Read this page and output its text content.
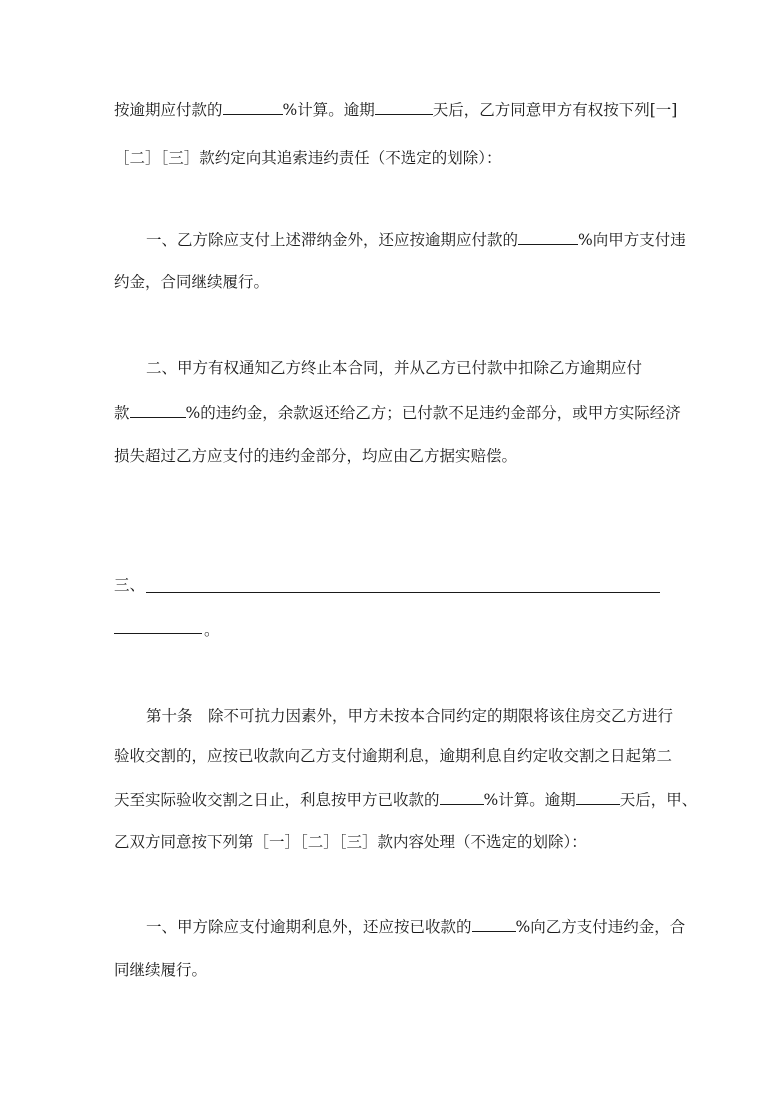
按逾期应付款的	%计算。逾期	天后，乙方同意甲方有权按下列[一]
［二］［三］款约定向其追索违约责任（不选定的划除）：
一、乙方除应支付上述滞纳金外，还应按逾期应付款的	%向甲方支付违
约金，合同继续履行。
二、甲方有权通知乙方终止本合同，并从乙方已付款中扣除乙方逾期应付
款	%的违约金，余款返还给乙方；已付款不足违约金部分，或甲方实际经济
损失超过乙方应支付的违约金部分，均应由乙方据实赔偿。
三、
。
第十条　除不可抗力因素外，甲方未按本合同约定的期限将该住房交乙方进行
验收交割的，应按已收款向乙方支付逾期利息，逾期利息自约定收交割之日起第二
天至实际验收交割之日止，利息按甲方已收款的	%计算。逾期	天后，甲、
乙双方同意按下列第［一］［二］［三］款内容处理（不选定的划除）：
一、甲方除应支付逾期利息外，还应按已收款的	%向乙方支付违约金，合
同继续履行。
